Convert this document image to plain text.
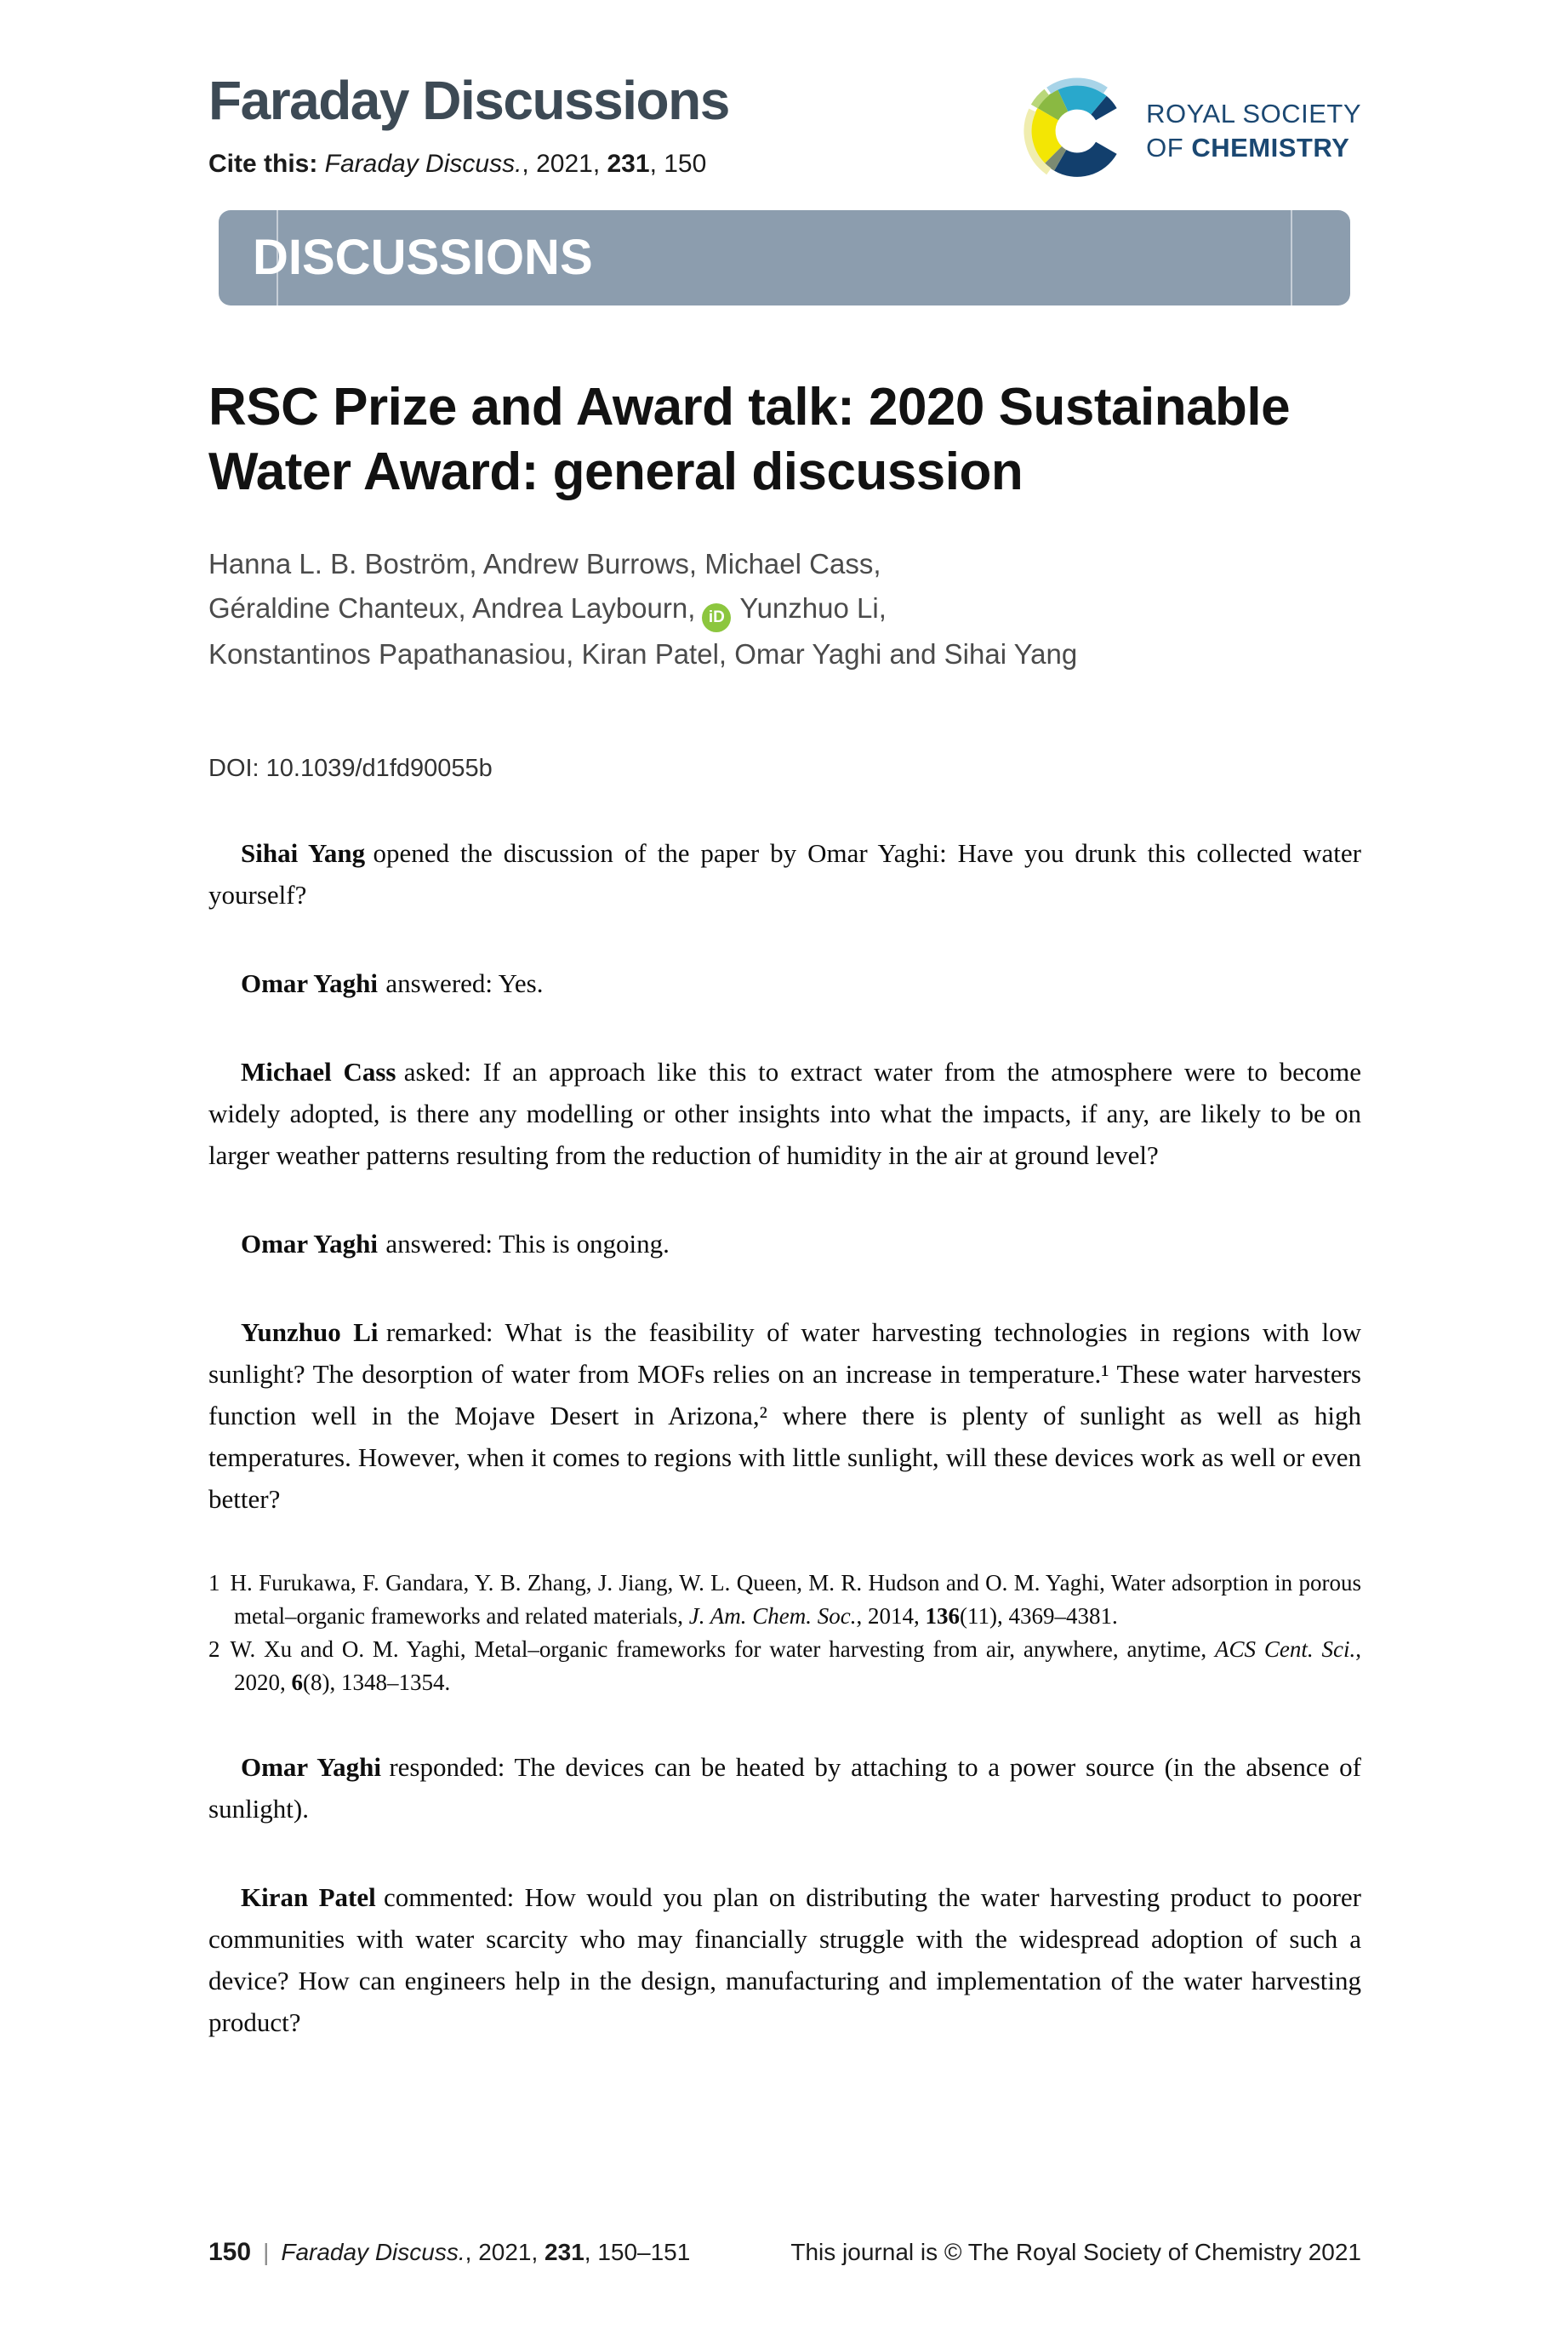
Faraday Discussions
Cite this: Faraday Discuss., 2021, 231, 150
ROYAL SOCIETY
OF CHEMISTRY
DISCUSSIONS
RSC Prize and Award talk: 2020 Sustainable
Water Award: general discussion
Hanna L. B. Boström, Andrew Burrows, Michael Cass,
Géraldine Chanteux, Andrea Laybourn, iD Yunzhuo Li,
Konstantinos Papathanasiou, Kiran Patel, Omar Yaghi and Sihai Yang
DOI: 10.1039/d1fd90055b

Sihai Yang opened the discussion of the paper by Omar Yaghi: Have you drunk this collected water yourself?

Omar Yaghi answered: Yes.

Michael Cass asked: If an approach like this to extract water from the atmosphere were to become widely adopted, is there any modelling or other insights into what the impacts, if any, are likely to be on larger weather patterns resulting from the reduction of humidity in the air at ground level?

Omar Yaghi answered: This is ongoing.

Yunzhuo Li remarked: What is the feasibility of water harvesting technologies in regions with low sunlight? The desorption of water from MOFs relies on an increase in temperature.¹ These water harvesters function well in the Mojave Desert in Arizona,² where there is plenty of sunlight as well as high temperatures. However, when it comes to regions with little sunlight, will these devices work as well or even better?

1 H. Furukawa, F. Gandara, Y. B. Zhang, J. Jiang, W. L. Queen, M. R. Hudson and O. M. Yaghi, Water adsorption in porous metal–organic frameworks and related materials, J. Am. Chem. Soc., 2014, 136(11), 4369–4381.

2 W. Xu and O. M. Yaghi, Metal–organic frameworks for water harvesting from air, anywhere, anytime, ACS Cent. Sci., 2020, 6(8), 1348–1354.

Omar Yaghi responded: The devices can be heated by attaching to a power source (in the absence of sunlight).

Kiran Patel commented: How would you plan on distributing the water harvesting product to poorer communities with water scarcity who may financially struggle with the widespread adoption of such a device? How can engineers help in the design, manufacturing and implementation of the water harvesting product?

150 | Faraday Discuss., 2021, 231, 150–151	This journal is © The Royal Society of Chemistry 2021
